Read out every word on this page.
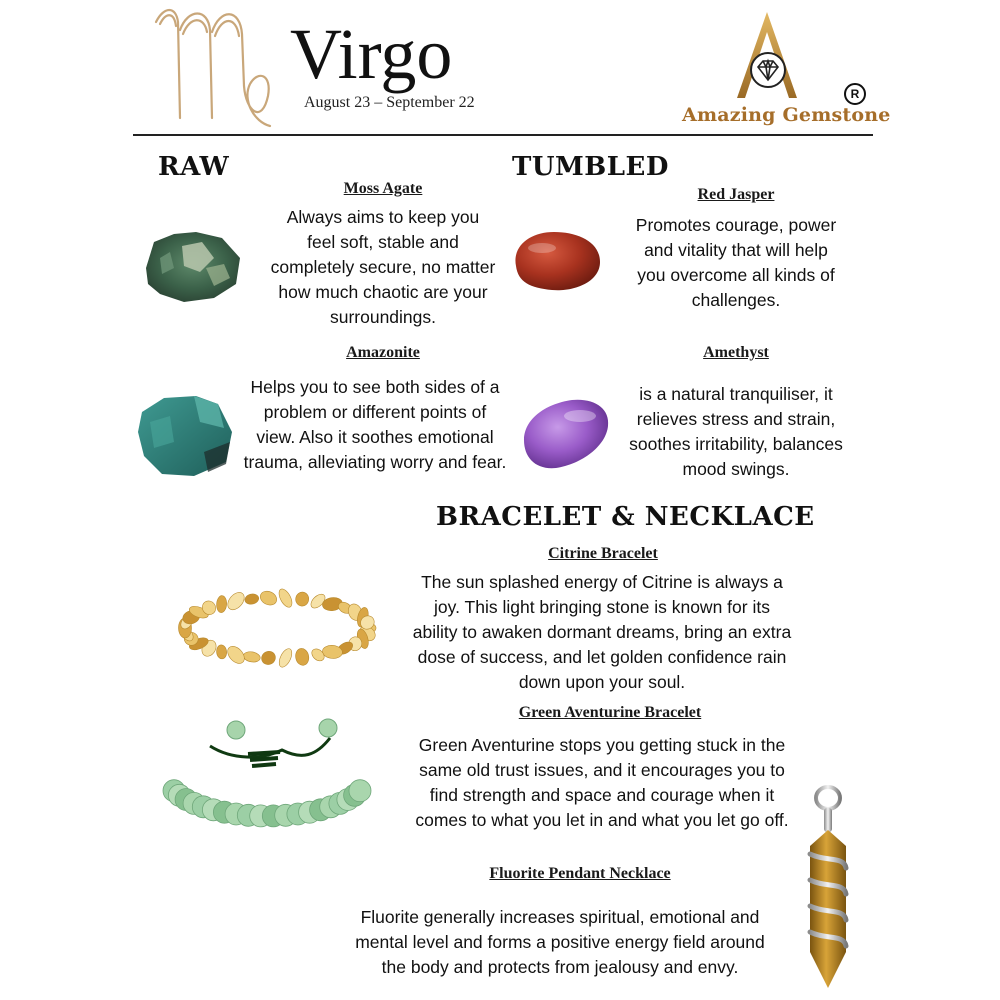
Virgo
August 23 – September 22
Amazing Gemstone
R
RAW	TUMBLED
BRACELET & NECKLACE
Moss Agate
Always aims to keep you
feel soft, stable and
completely secure, no matter
how much chaotic are your
surroundings.
Amazonite
Helps you to see both sides of a
problem or different points of
view. Also it soothes emotional
trauma, alleviating worry and fear.
Red Jasper
Promotes courage, power
and vitality that will help
you overcome all kinds of
challenges.
Amethyst
is a natural tranquiliser, it
relieves stress and strain,
soothes irritability, balances
mood swings.
Citrine Bracelet
The sun splashed energy of Citrine is always a
joy. This light bringing stone is known for its
ability to awaken dormant dreams, bring an extra
dose of success, and let golden confidence rain
down upon your soul.
Green Aventurine Bracelet
Green Aventurine stops you getting stuck in the
same old trust issues, and it encourages you to
find strength and space and courage when it
comes to what you let in and what you let go off.
Fluorite Pendant Necklace
Fluorite generally increases spiritual, emotional and
mental level and forms a positive energy field around
the body and protects from jealousy and envy.
